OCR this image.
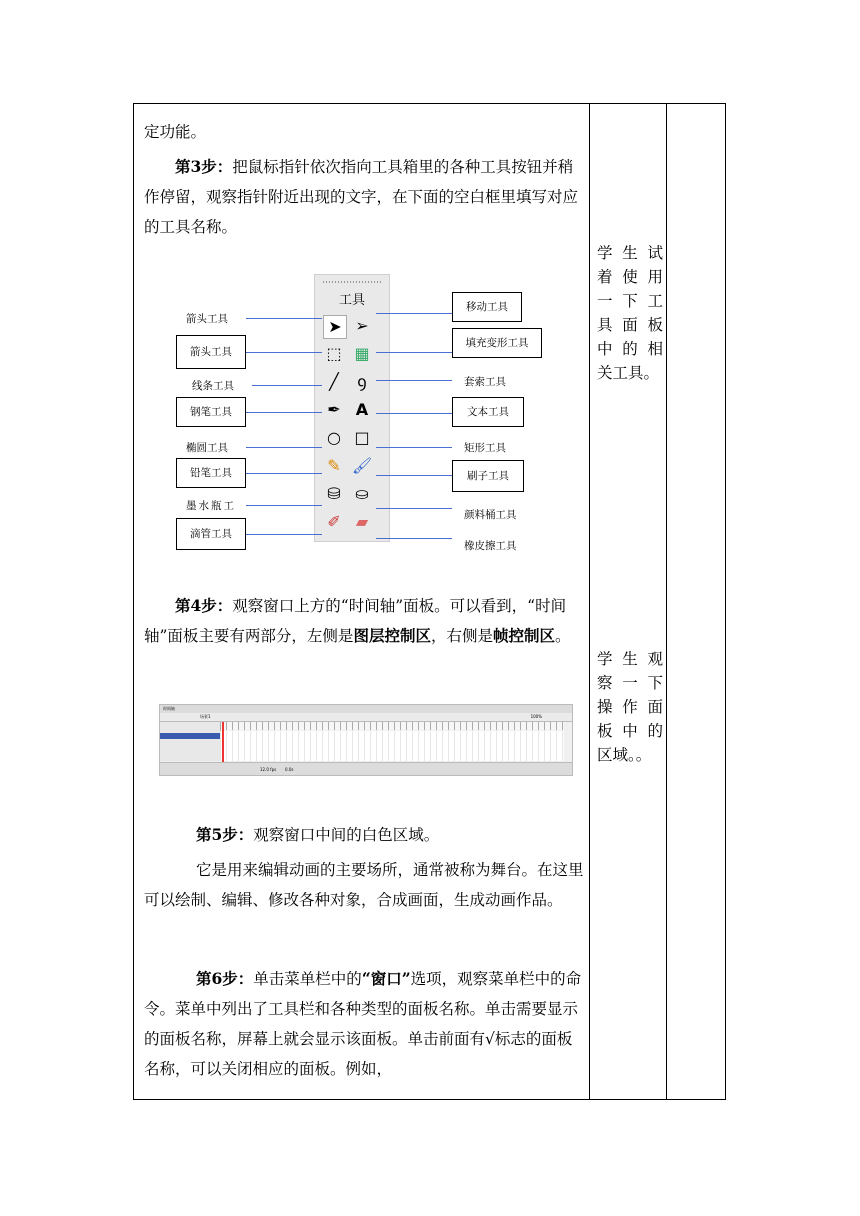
定功能。

第3步：把鼠标指针依次指向工具箱里的各种工具按钮并稍作停留，观察指针附近出现的文字，在下面的空白框里填写对应的工具名称。

工具
➤ ➢
⬚ ▦
╱	ꝯ
✒ A
○ □
✎ 🖌
⛁ ⛀
✐ ▰
箭头工具
箭头工具
线条工具
钢笔工具
椭圆工具
铅笔工具
墨水瓶工
滴管工具
移动工具
填充变形工具
套索工具
文本工具
矩形工具
刷子工具
颜料桶工具
橡皮擦工具

第4步：观察窗口上方的“时间轴”面板。可以看到，“时间轴”面板主要有两部分，左侧是图层控制区，右侧是帧控制区。

时间轴
场景1	100%
12.0 fps 0.0s

第5步：观察窗口中间的白色区域。

它是用来编辑动画的主要场所，通常被称为舞台。在这里可以绘制、编辑、修改各种对象，合成画面，生成动画作品。

第6步：单击菜单栏中的“窗口”选项，观察菜单栏中的命令。菜单中列出了工具栏和各种类型的面板名称。单击需要显示的面板名称，屏幕上就会显示该面板。单击前面有√标志的面板名称，可以关闭相应的面板。例如，

学生试
着使用
一下工
具面板
中的相
关工具。
学生观
察一下
操作面
板中的
区域。。
